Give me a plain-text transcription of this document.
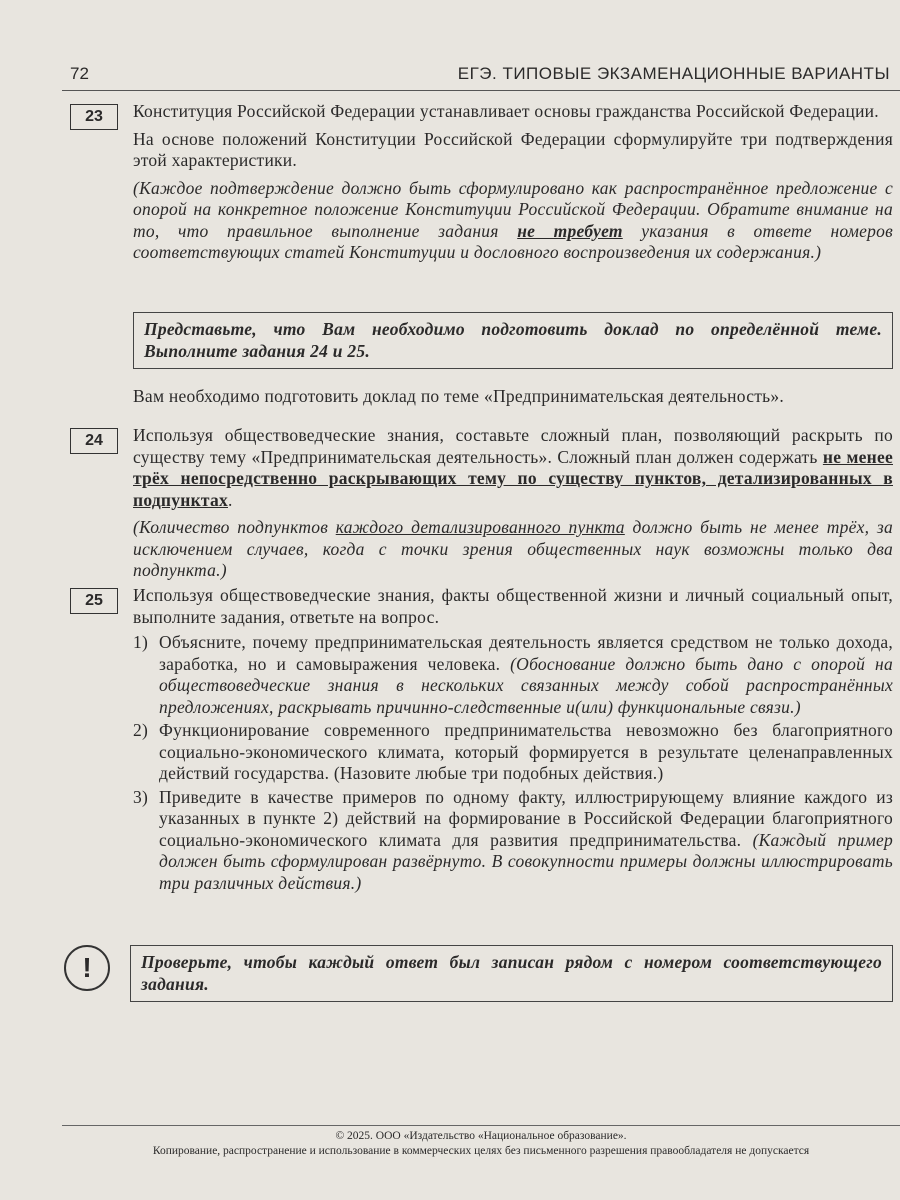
72	ЕГЭ. ТИПОВЫЕ ЭКЗАМЕНАЦИОННЫЕ ВАРИАНТЫ
23	Конституция Российской Федерации устанавливает основы гражданства Российской Федерации.

На основе положений Конституции Российской Федерации сформулируйте три подтверждения этой характеристики.

(Каждое подтверждение должно быть сформулировано как распространённое предложение с опорой на конкретное положение Конституции Российской Федерации. Обратите внимание на то, что правильное выполнение задания не требует указания в ответе номеров соответствующих статей Конституции и дословного воспроизведения их содержания.)

Представьте, что Вам необходимо подготовить доклад по определённой теме. Выполните задания 24 и 25.
Вам необходимо подготовить доклад по теме «Предпринимательская деятельность».
24	Используя обществоведческие знания, составьте сложный план, позволяющий раскрыть по существу тему «Предпринимательская деятельность». Сложный план должен содержать не менее трёх непосредственно раскрывающих тему по существу пунктов, детализированных в подпунктах.

(Количество подпунктов каждого детализированного пункта должно быть не менее трёх, за исключением случаев, когда с точки зрения общественных наук возможны только два подпункта.)

25	Используя обществоведческие знания, факты общественной жизни и личный социальный опыт, выполните задания, ответьте на вопрос.

1) Объясните, почему предпринимательская деятельность является средством не только дохода, заработка, но и самовыражения человека. (Обоснование должно быть дано с опорой на обществоведческие знания в нескольких связанных между собой распространённых предложениях, раскрывать причинно-следственные и(или) функциональные связи.)
2) Функционирование современного предпринимательства невозможно без благоприятного социально-экономического климата, который формируется в результате целенаправленных действий государства. (Назовите любые три подобных действия.)
3) Приведите в качестве примеров по одному факту, иллюстрирующему влияние каждого из указанных в пункте 2) действий на формирование в Российской Федерации благоприятного социально-экономического климата для развития предпринимательства. (Каждый пример должен быть сформулирован развёрнуто. В совокупности примеры должны иллюстрировать три различных действия.)
!	Проверьте, чтобы каждый ответ был записан рядом с номером соответствующего задания.
© 2025. ООО «Издательство «Национальное образование».
Копирование, распространение и использование в коммерческих целях без письменного разрешения правообладателя не допускается
